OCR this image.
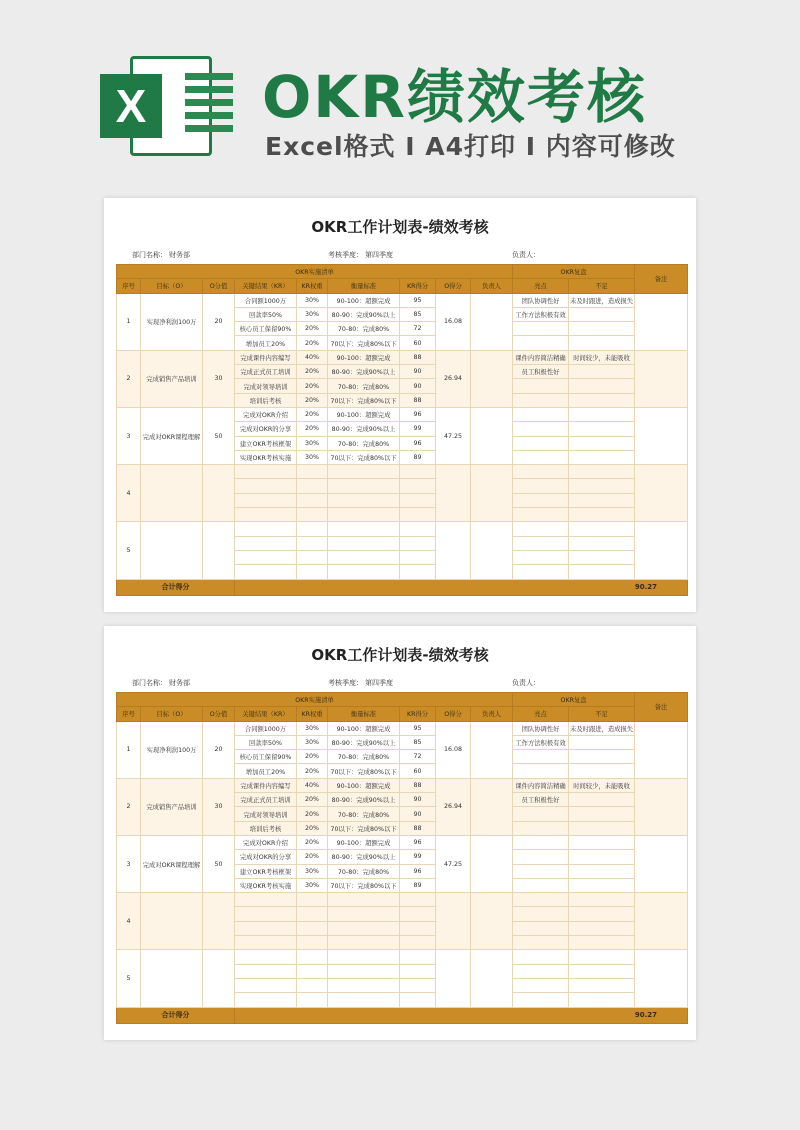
X OKR绩效考核
Excel格式 I A4打印 I 内容可修改
OKR工作计划表-绩效考核
部门名称： 财务部	考核季度： 第四季度	负责人：
OKR实施清单									OKR复盘		备注
序号	目标（O）	O分值	关键结果（KR）	KR权重	衡量标准	KR得分	O得分	负责人	亮点	不足	
1	实现净利润100万	20	合同额1000万	30%	90-100：超额完成	95	16.08		团队协调性好	未及时跟进，造成损失	
			回款率50%	30%	80-90：完成90%以上	85			工作方法积极有效		
			核心员工保留90%	20%	70-80：完成80%	72					
			增加员工20%	20%	70以下：完成80%以下	60					
2	完成销售产品培训	30	完成课件内容编写	40%	90-100：超额完成	88	26.94		课件内容简洁精确	时间较少，未能吸收	
			完成正式员工培训	20%	80-90：完成90%以上	90			员工积极性好		
			完成对领导培训	20%	70-80：完成80%	90					
			培训后考核	20%	70以下：完成80%以下	88					
3	完成对OKR课程理解	50	完成对OKR介绍	20%	90-100：超额完成	96	47.25				
			完成对OKR的分享	20%	80-90：完成90%以上	99					
			建立OKR考核框架	30%	70-80：完成80%	96					
			实现OKR考核实施	30%	70以下：完成80%以下	89					
4											

5											

合计得分			90.27								
OKR工作计划表-绩效考核
部门名称： 财务部	考核季度： 第四季度	负责人：
OKR实施清单									OKR复盘		备注
序号	目标（O）	O分值	关键结果（KR）	KR权重	衡量标准	KR得分	O得分	负责人	亮点	不足	
1	实现净利润100万	20	合同额1000万	30%	90-100：超额完成	95	16.08		团队协调性好	未及时跟进，造成损失	
			回款率50%	30%	80-90：完成90%以上	85			工作方法积极有效		
			核心员工保留90%	20%	70-80：完成80%	72					
			增加员工20%	20%	70以下：完成80%以下	60					
2	完成销售产品培训	30	完成课件内容编写	40%	90-100：超额完成	88	26.94		课件内容简洁精确	时间较少，未能吸收	
			完成正式员工培训	20%	80-90：完成90%以上	90			员工积极性好		
			完成对领导培训	20%	70-80：完成80%	90					
			培训后考核	20%	70以下：完成80%以下	88					
3	完成对OKR课程理解	50	完成对OKR介绍	20%	90-100：超额完成	96	47.25				
			完成对OKR的分享	20%	80-90：完成90%以上	99					
			建立OKR考核框架	30%	70-80：完成80%	96					
			实现OKR考核实施	30%	70以下：完成80%以下	89					
4											

5											

合计得分			90.27								
